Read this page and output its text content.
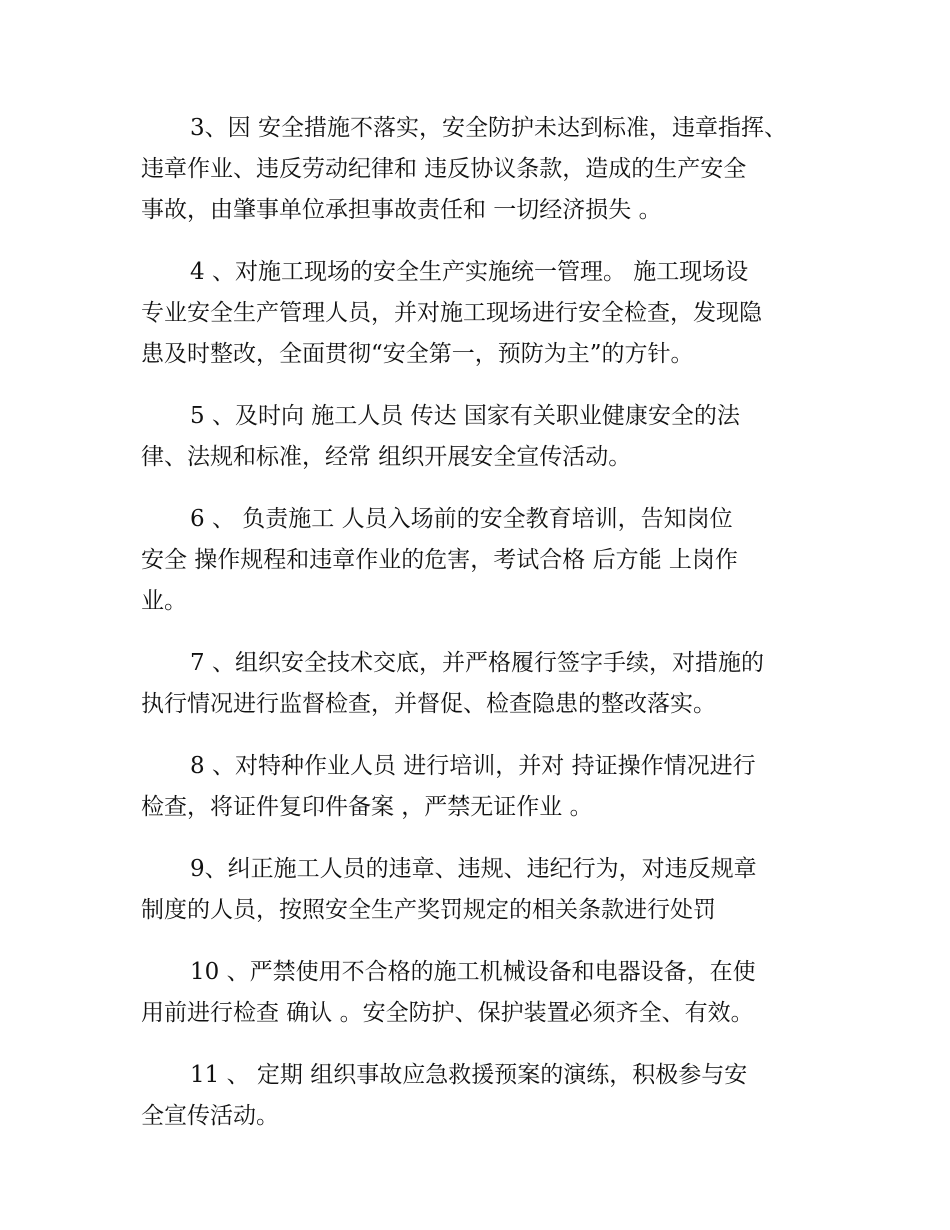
3、因 安全措施不落实，安全防护未达到标准，违章指挥、
违章作业、违反劳动纪律和 违反协议条款，造成的生产安全
事故，由肇事单位承担事故责任和 一切经济损失 。
4 、对施工现场的安全生产实施统一管理。 施工现场设
专业安全生产管理人员，并对施工现场进行安全检查，发现隐
患及时整改，全面贯彻“安全第一，预防为主”的方针。
5 、及时向 施工人员 传达 国家有关职业健康安全的法
律、法规和标准，经常 组织开展安全宣传活动。
6 、 负责施工 人员入场前的安全教育培训，告知岗位
安全 操作规程和违章作业的危害，考试合格 后方能 上岗作
业。
7 、组织安全技术交底，并严格履行签字手续，对措施的
执行情况进行监督检查，并督促、检查隐患的整改落实。
8 、对特种作业人员 进行培训，并对 持证操作情况进行
检查，将证件复印件备案 ，严禁无证作业 。
9、纠正施工人员的违章、违规、违纪行为，对违反规章
制度的人员，按照安全生产奖罚规定的相关条款进行处罚
10 、严禁使用不合格的施工机械设备和电器设备，在使
用前进行检查 确认 。安全防护、保护装置必须齐全、有效。
11 、 定期 组织事故应急救援预案的演练，积极参与安
全宣传活动。
